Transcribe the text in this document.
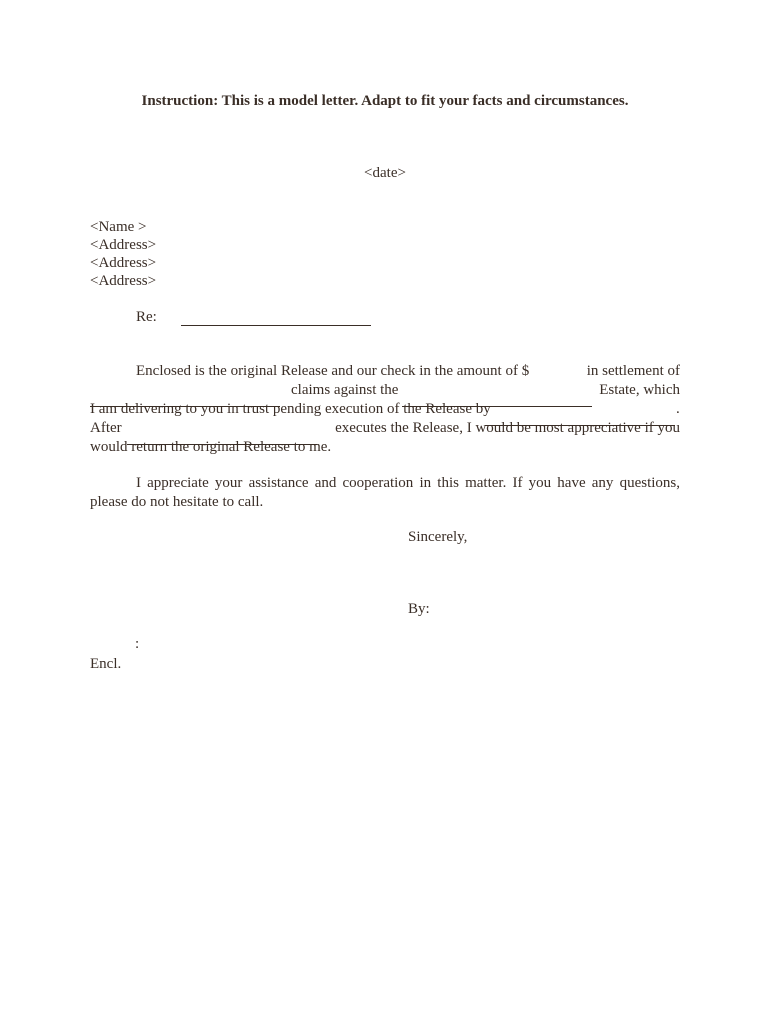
Instruction: This is a model letter. Adapt to fit your facts and circumstances.
<date>
<Name >
<Address>
<Address>
<Address>
Re:
Enclosed is the original Release and our check in the amount of $	in settlement of
claims against the	Estate, which
I am delivering to you in trust pending execution of the Release by	.
After	executes the Release, I would be most appreciative if you
would return the original Release to me.
I appreciate your assistance and cooperation in this matter. If you have any questions,
please do not hesitate to call.
Sincerely,
By:
:
Encl.
